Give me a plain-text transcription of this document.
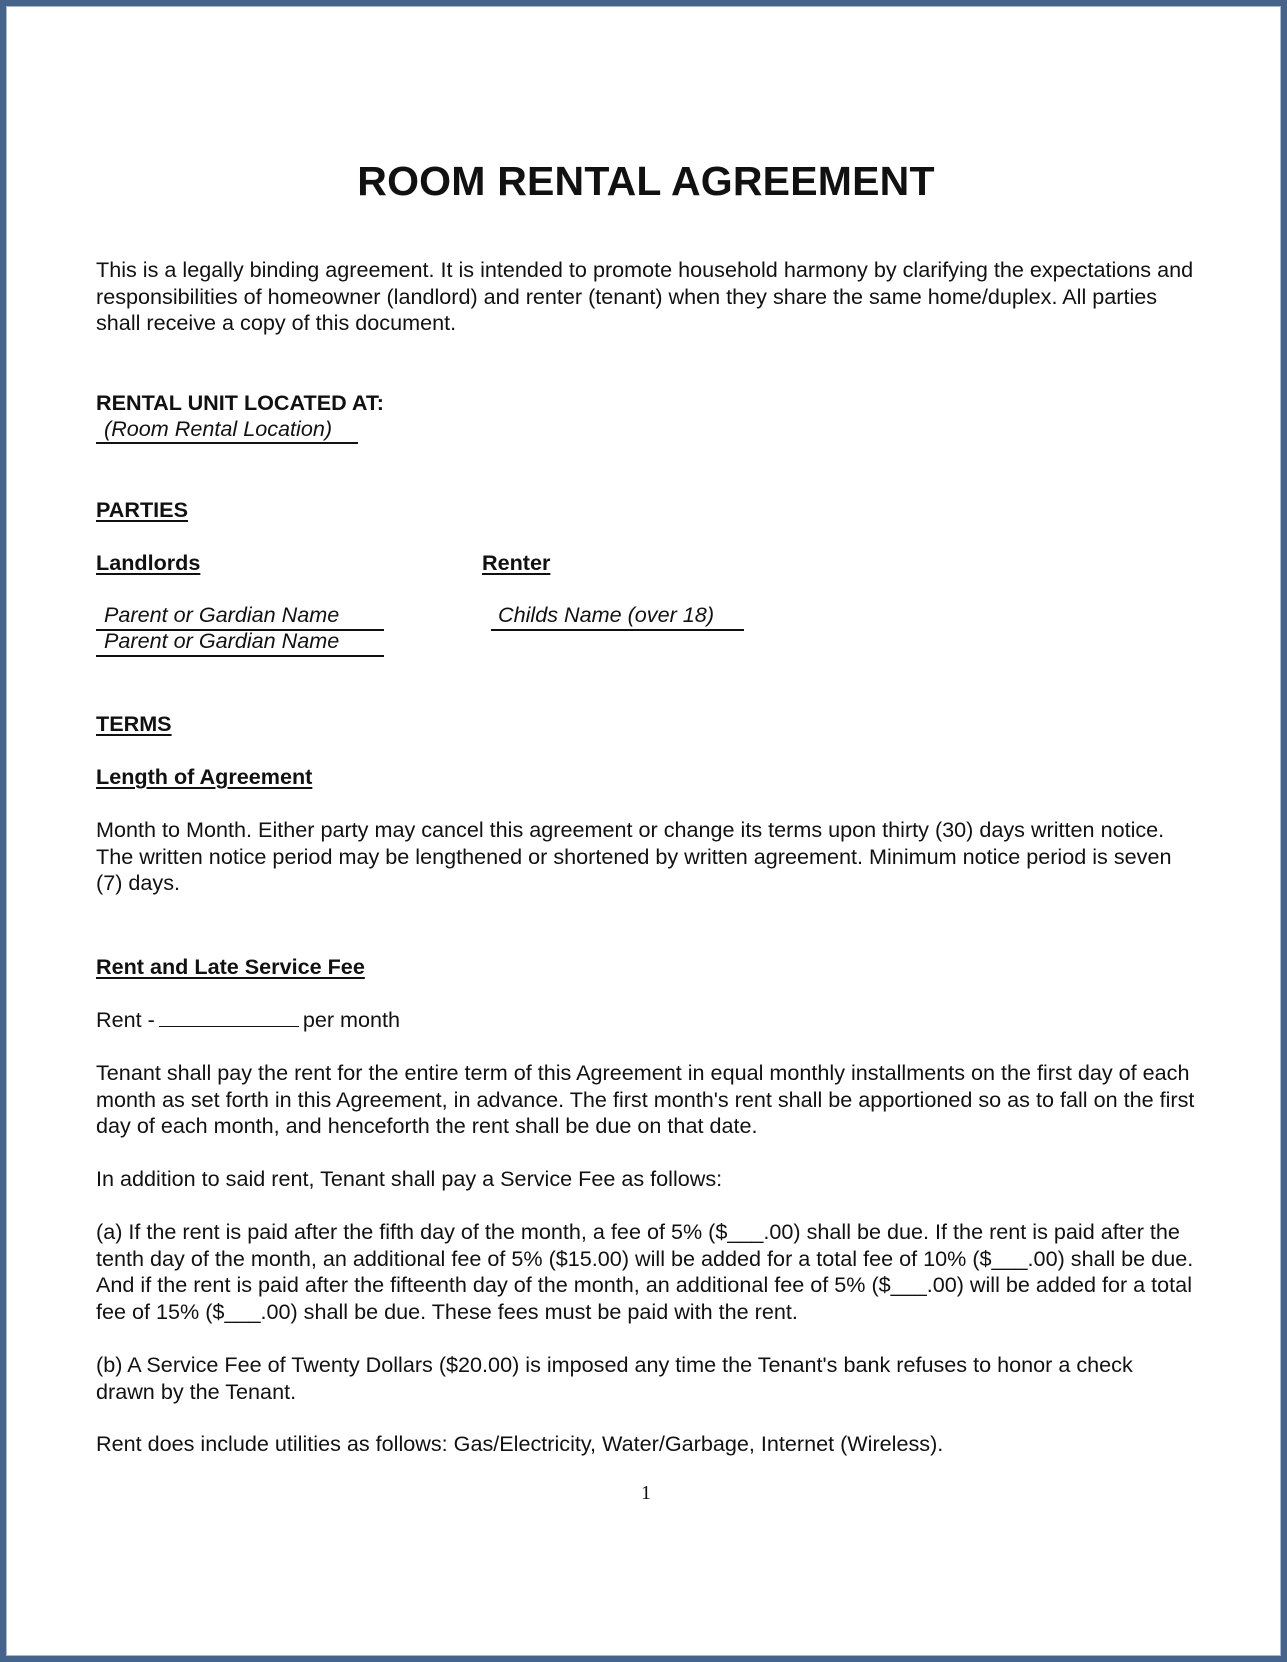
ROOM RENTAL AGREEMENT

This is a legally binding agreement. It is intended to promote household harmony by clarifying the expectations and responsibilities of homeowner (landlord) and renter (tenant) when they share the same home/duplex. All parties shall receive a copy of this document.

RENTAL UNIT LOCATED AT:

(Room Rental Location)

PARTIES

Landlords	Renter

Parent or Gardian Name
Parent or Gardian Name
Childs Name (over 18)

TERMS

Length of Agreement

Month to Month. Either party may cancel this agreement or change its terms upon thirty (30) days written notice. The written notice period may be lengthened or shortened by written agreement. Minimum notice period is seven (7) days.

Rent and Late Service Fee

Rent -	per month

Tenant shall pay the rent for the entire term of this Agreement in equal monthly installments on the first day of each month as set forth in this Agreement, in advance. The first month's rent shall be apportioned so as to fall on the first day of each month, and henceforth the rent shall be due on that date.

In addition to said rent, Tenant shall pay a Service Fee as follows:

(a) If the rent is paid after the fifth day of the month, a fee of 5% ($___.00) shall be due. If the rent is paid after the tenth day of the month, an additional fee of 5% ($15.00) will be added for a total fee of 10% ($___.00) shall be due. And if the rent is paid after the fifteenth day of the month, an additional fee of 5% ($___.00) will be added for a total fee of 15% ($___.00) shall be due. These fees must be paid with the rent.

(b) A Service Fee of Twenty Dollars ($20.00) is imposed any time the Tenant's bank refuses to honor a check drawn by the Tenant.

Rent does include utilities as follows: Gas/Electricity, Water/Garbage, Internet (Wireless).

1
